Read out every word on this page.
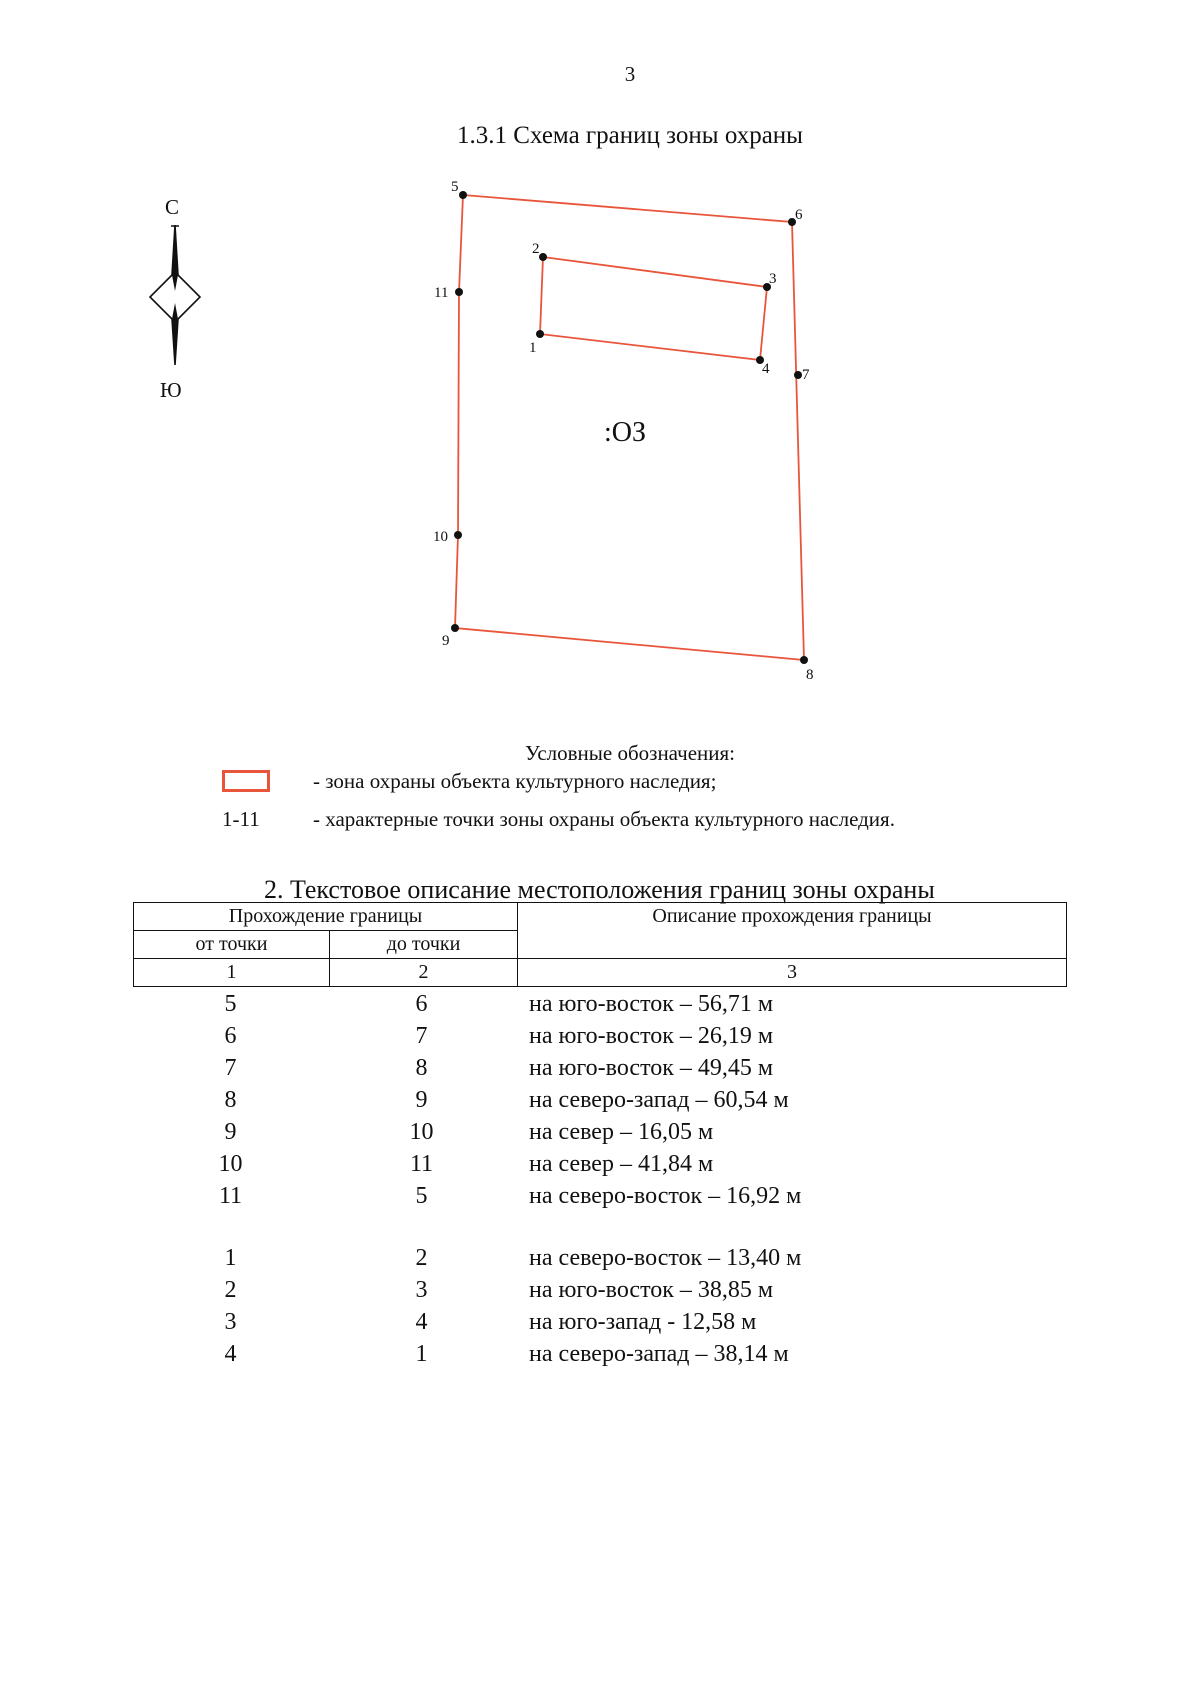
3
1.3.1 Схема границ зоны охраны
С
Ю
5
6
7
8
9
10
11
1
2
3
4
:ОЗ
Условные обозначения:
- зона охраны объекта культурного наследия;
1-11	- характерные точки зоны охраны объекта культурного наследия.
2. Текстовое описание местоположения границ зоны охраны
Прохождение границы		Описание прохождения границы
от точки	до точки	
1	2	3
5	6	на юго-восток – 56,71 м
6	7	на юго-восток – 26,19 м
7	8	на юго-восток – 49,45 м
8	9	на северо-запад – 60,54 м
9	10	на север – 16,05 м
10	11	на север – 41,84 м
11	5	на северо-восток – 16,92 м
1	2	на северо-восток – 13,40 м
2	3	на юго-восток – 38,85 м
3	4	на юго-запад - 12,58 м
4	1	на северо-запад – 38,14 м
